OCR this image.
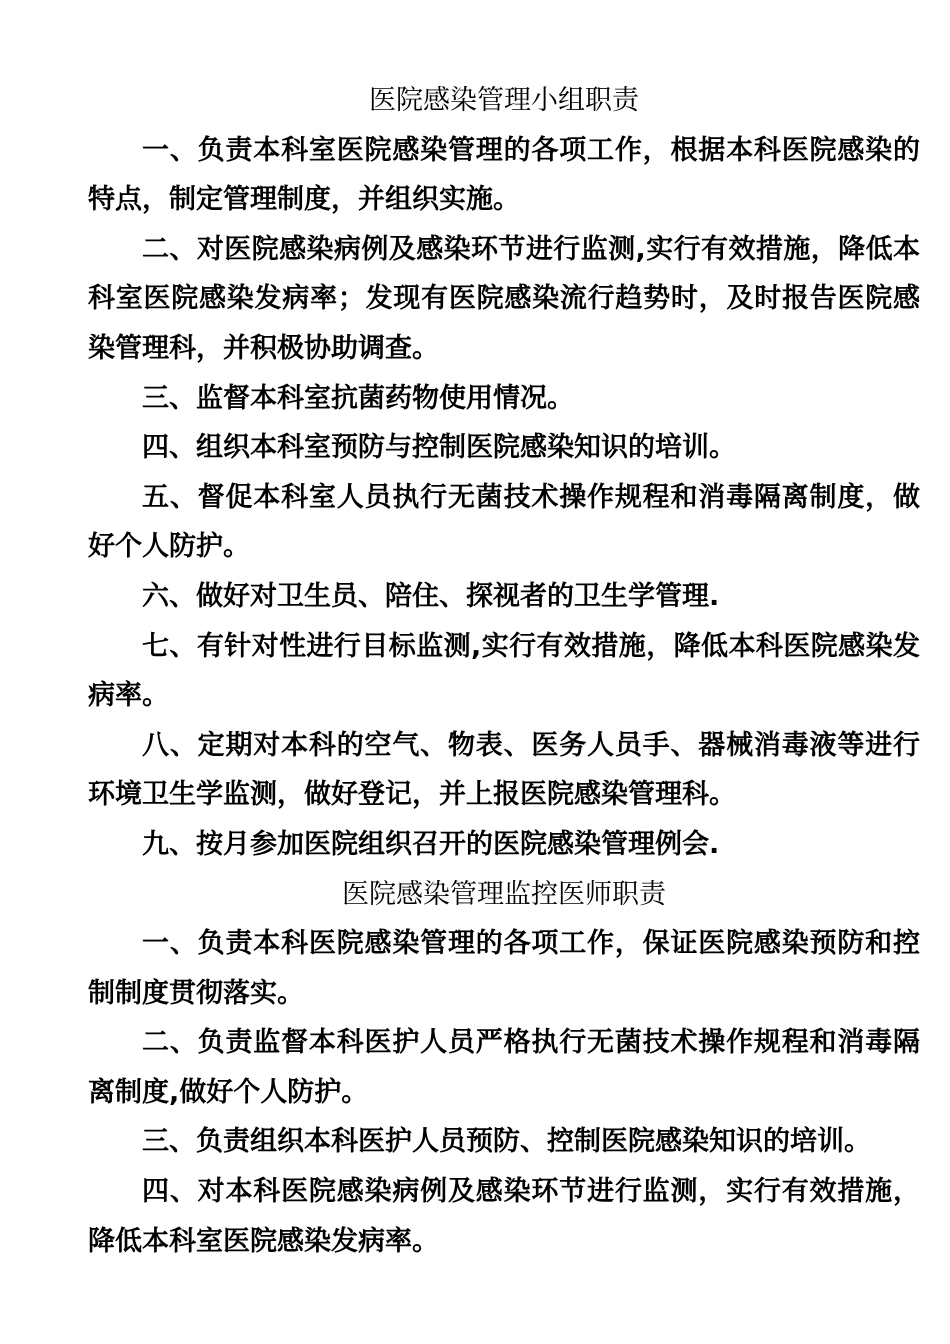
医院感染管理小组职责

一、负责本科室医院感染管理的各项工作，根据本科医院感染的特点，制定管理制度，并组织实施。

二、对医院感染病例及感染环节进行监测,实行有效措施，降低本科室医院感染发病率；发现有医院感染流行趋势时，及时报告医院感染管理科，并积极协助调查。

三、监督本科室抗菌药物使用情况。

四、组织本科室预防与控制医院感染知识的培训。

五、督促本科室人员执行无菌技术操作规程和消毒隔离制度，做好个人防护。

六、做好对卫生员、陪住、探视者的卫生学管理.

七、有针对性进行目标监测,实行有效措施，降低本科医院感染发病率。

八、定期对本科的空气、物表、医务人员手、器械消毒液等进行环境卫生学监测，做好登记，并上报医院感染管理科。

九、按月参加医院组织召开的医院感染管理例会.

医院感染管理监控医师职责

一、负责本科医院感染管理的各项工作，保证医院感染预防和控制制度贯彻落实。

二、负责监督本科医护人员严格执行无菌技术操作规程和消毒隔离制度,做好个人防护。

三、负责组织本科医护人员预防、控制医院感染知识的培训。

四、对本科医院感染病例及感染环节进行监测，实行有效措施，降低本科室医院感染发病率。
